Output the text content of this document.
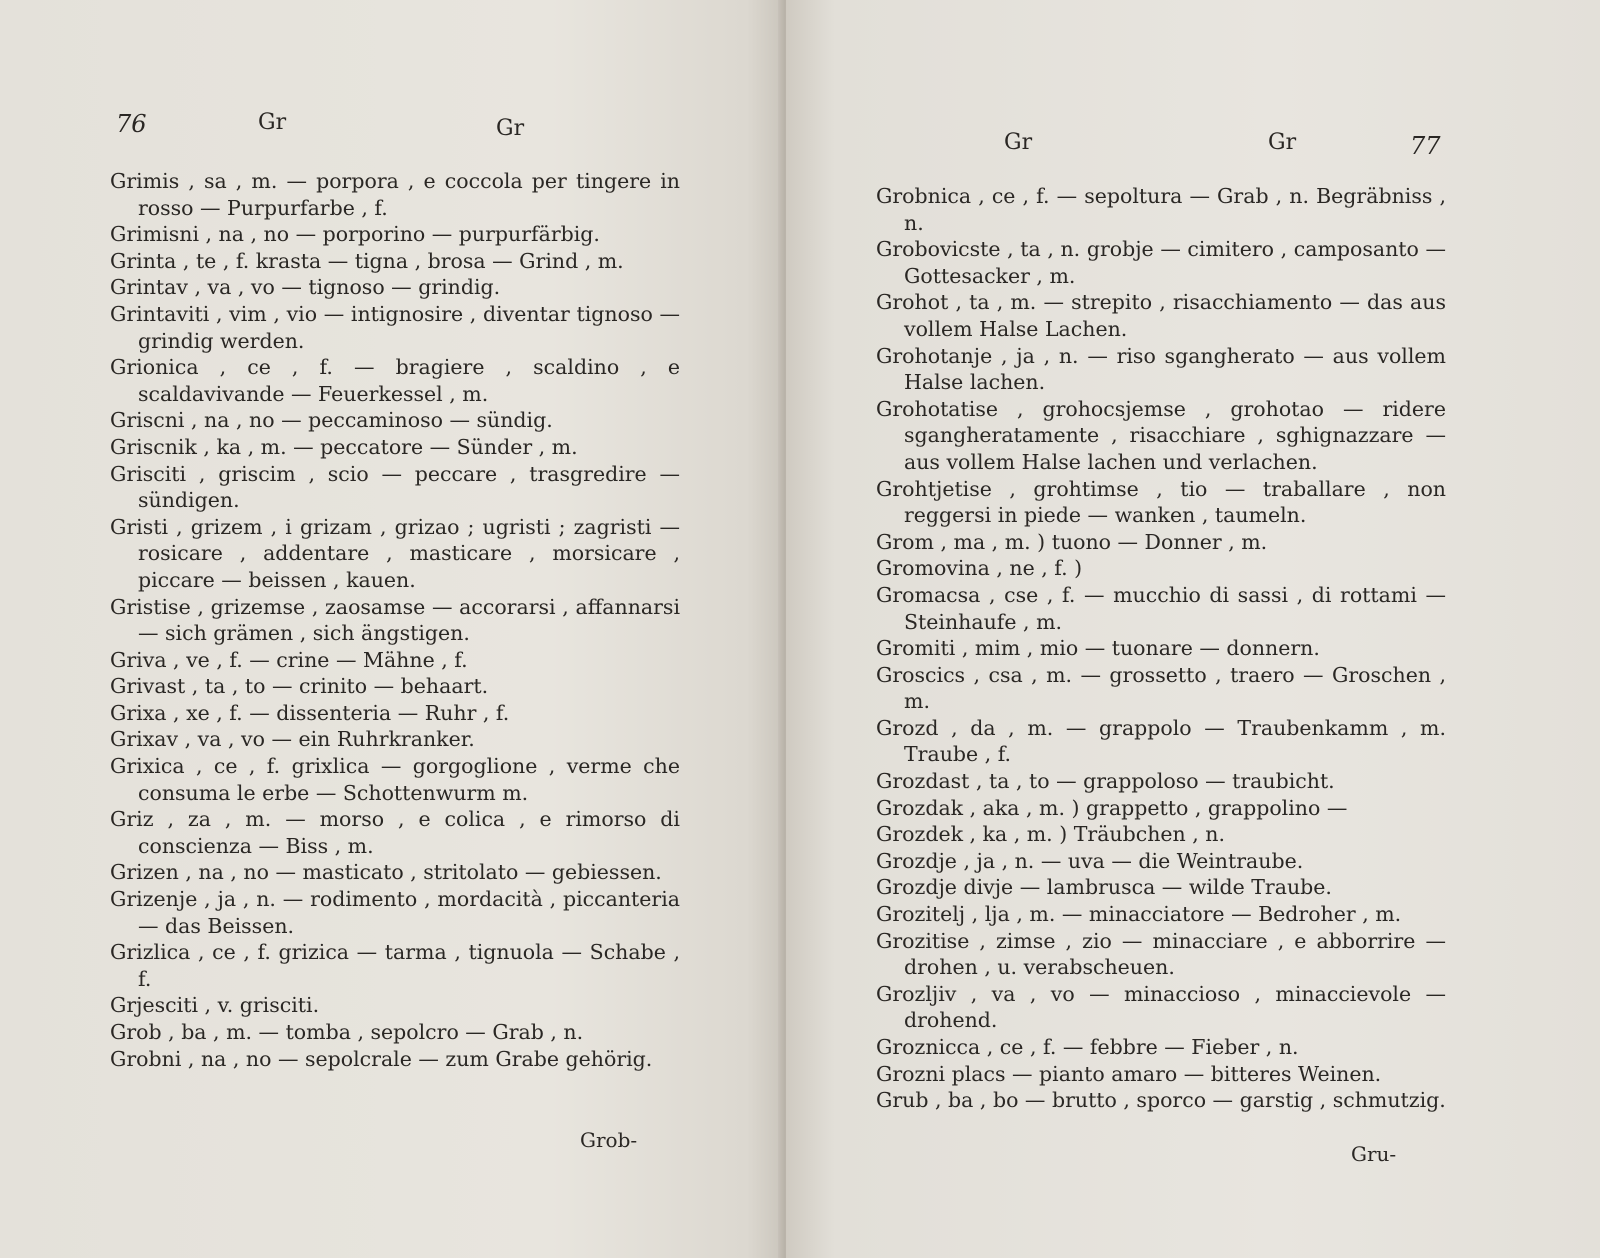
76	Gr	Gr

Grimis , sa , m. — porpora , e coccola per tingere in rosso — Purpurfarbe , f.

Grimisni , na , no — porporino — purpurfärbig.

Grinta , te , f. krasta — tigna , brosa — Grind , m.

Grintav , va , vo — tignoso — grindig.

Grintaviti , vim , vio — intignosire , diventar tignoso — grindig werden.

Grionica , ce , f. — bragiere , scaldino , e scaldavivande — Feuerkessel , m.

Griscni , na , no — peccaminoso — sündig.

Griscnik , ka , m. — peccatore — Sünder , m.

Grisciti , griscim , scio — peccare , trasgredire — sündigen.

Gristi , grizem , i grizam , grizao ; ugristi ; zagristi — rosicare , addentare , masticare , morsicare , piccare — beissen , kauen.

Gristise , grizemse , zaosamse — accorarsi , affannarsi — sich grämen , sich ängstigen.

Griva , ve , f. — crine — Mähne , f.

Grivast , ta , to — crinito — behaart.

Grixa , xe , f. — dissenteria — Ruhr , f.

Grixav , va , vo — ein Ruhrkranker.

Grixica , ce , f. grixlica — gorgoglione , verme che consuma le erbe — Schottenwurm m.

Griz , za , m. — morso , e colica , e rimorso di conscienza — Biss , m.

Grizen , na , no — masticato , stritolato — gebiessen.

Grizenje , ja , n. — rodimento , mordacità , piccanteria — das Beissen.

Grizlica , ce , f. grizica — tarma , tignuola — Schabe , f.

Grjesciti , v. grisciti.

Grob , ba , m. — tomba , sepolcro — Grab , n.

Grobni , na , no — sepolcrale — zum Grabe gehörig.

Grob-
Gr	Gr	77

Grobnica , ce , f. — sepoltura — Grab , n. Begräbniss , n.

Grobovicste , ta , n. grobje — cimitero , camposanto — Gottesacker , m.

Grohot , ta , m. — strepito , risacchiamento — das aus vollem Halse Lachen.

Grohotanje , ja , n. — riso sgangherato — aus vollem Halse lachen.

Grohotatise , grohocsjemse , grohotao — ridere sgangheratamente , risacchiare , sghignazzare — aus vollem Halse lachen und verlachen.

Grohtjetise , grohtimse , tio — traballare , non reggersi in piede — wanken , taumeln.

Grom , ma , m. ) tuono — Donner , m.

Gromovina , ne , f. )

Gromacsa , cse , f. — mucchio di sassi , di rottami — Steinhaufe , m.

Gromiti , mim , mio — tuonare — donnern.

Groscics , csa , m. — grossetto , traero — Groschen , m.

Grozd , da , m. — grappolo — Traubenkamm , m. Traube , f.

Grozdast , ta , to — grappoloso — traubicht.

Grozdak , aka , m. ) grappetto , grappolino —

Grozdek , ka , m. ) Träubchen , n.

Grozdje , ja , n. — uva — die Weintraube.

Grozdje divje — lambrusca — wilde Traube.

Grozitelj , lja , m. — minacciatore — Bedroher , m.

Grozitise , zimse , zio — minacciare , e abborrire — drohen , u. verabscheuen.

Grozljiv , va , vo — minaccioso , minaccievole — drohend.

Groznicca , ce , f. — febbre — Fieber , n.

Grozni placs — pianto amaro — bitteres Weinen.

Grub , ba , bo — brutto , sporco — garstig , schmutzig.

Gru-
